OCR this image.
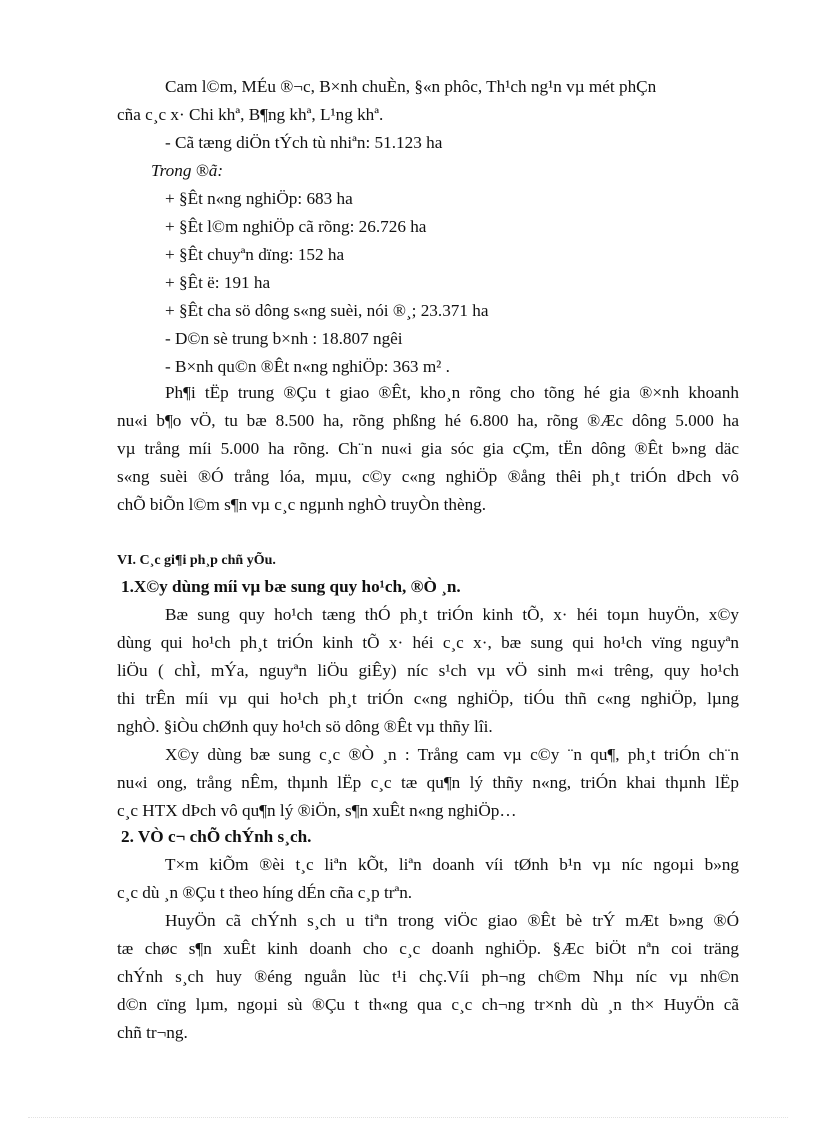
Cam l©m, MÉu ®¬c, B×nh chuÈn, §«n phôc, Th¹ch ng¹n vµ mét phÇn
cña c¸c x· Chi khª, B¶ng khª, L¹ng khª.
- Cã tæng diÖn tÝch tù nhiªn: 51.123 ha
Trong ®ã:
+ §Êt n«ng nghiÖp: 683 ha
+ §Êt l©m nghiÖp cã rõng: 26.726 ha
+ §Êt chuyªn dïng: 152 ha
+ §Êt ë: 191 ha
+ §Êt cha sö dông s«ng suèi, nói ®¸; 23.371 ha
- D©n sè trung b×nh : 18.807 ngêi
- B×nh qu©n ®Êt n«ng nghiÖp: 363 m² .
Ph¶i tËp trung ®Çu t giao ®Êt, kho¸n rõng cho tõng hé gia ®×nh khoanh
nu«i b¶o vÖ, tu bæ 8.500 ha, rõng phßng hé 6.800 ha, rõng ®Æc dông 5.000 ha
vµ trång míi 5.000 ha rõng. Ch¨n nu«i gia sóc gia cÇm, tËn dông ®Êt b»ng däc
s«ng suèi ®Ó trång lóa, mµu, c©y c«ng nghiÖp ®ång thêi ph¸t triÓn dÞch vô
chÕ biÕn l©m s¶n vµ c¸c ngµnh nghÒ truyÒn thèng.
VI. C¸c gi¶i ph¸p chñ yÕu.
1.X©y dùng míi vµ bæ sung quy ho¹ch, ®Ò ¸n.
Bæ sung quy ho¹ch tæng thÓ ph¸t triÓn kinh tÕ, x· héi toµn huyÖn, x©y
dùng qui ho¹ch ph¸t triÓn kinh tÕ x· héi c¸c x·, bæ sung qui ho¹ch vïng nguyªn
liÖu ( chÌ, mÝa, nguyªn liÖu giÊy) níc s¹ch vµ vÖ sinh m«i trêng, quy ho¹ch
thi trÊn míi vµ qui ho¹ch ph¸t triÓn c«ng nghiÖp, tiÓu thñ c«ng nghiÖp, lµng
nghÒ. §iÒu chØnh quy ho¹ch sö dông ®Êt vµ thñy lîi.
X©y dùng bæ sung c¸c ®Ò ¸n : Trång cam vµ c©y ¨n qu¶, ph¸t triÓn ch¨n
nu«i ong, trång nÊm, thµnh lËp c¸c tæ qu¶n lý thñy n«ng, triÓn khai thµnh lËp
c¸c HTX dÞch vô qu¶n lý ®iÖn, s¶n xuÊt n«ng nghiÖp…
2. VÒ c¬ chÕ chÝnh s¸ch.
T×m kiÕm ®èi t¸c liªn kÕt, liªn doanh víi tØnh b¹n vµ níc ngoµi b»ng
c¸c dù ¸n ®Çu t theo híng dÉn cña c¸p trªn.
HuyÖn cã chÝnh s¸ch u tiªn trong viÖc giao ®Êt bè trÝ mÆt b»ng ®Ó
tæ chøc s¶n xuÊt kinh doanh cho c¸c doanh nghiÖp. §Æc biÖt nªn coi träng
chÝnh s¸ch huy ®éng nguån lùc t¹i chç.Víi ph¬ng ch©m Nhµ níc vµ nh©n
d©n cïng lµm, ngoµi sù ®Çu t th«ng qua c¸c ch¬ng tr×nh dù ¸n th× HuyÖn cã
chñ tr¬ng.
